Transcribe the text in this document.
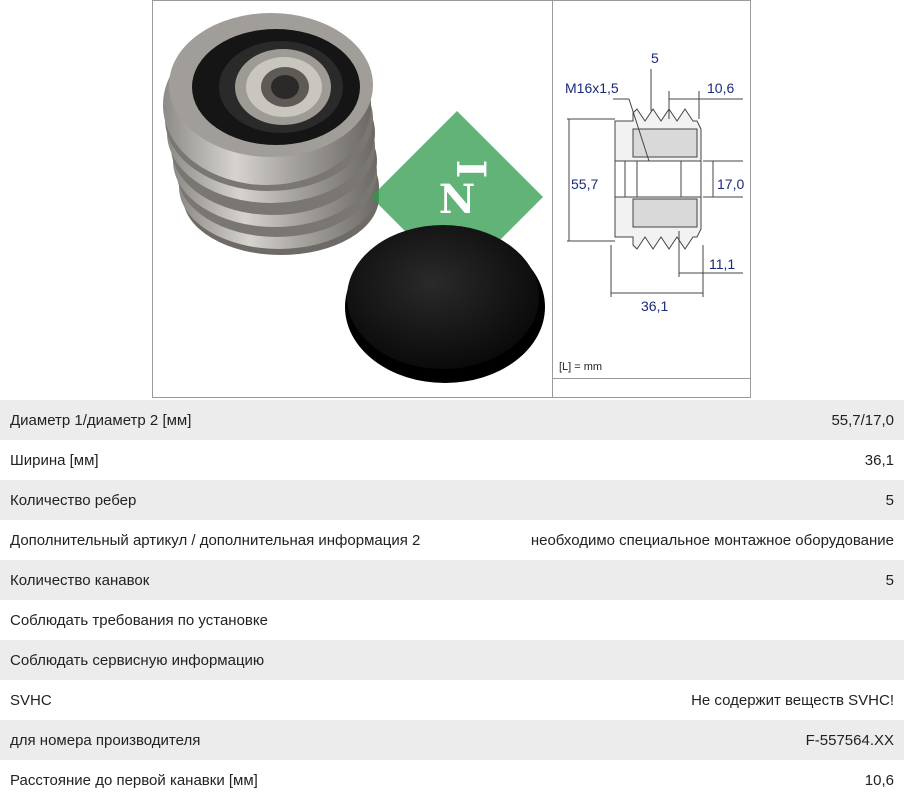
I
N
M16x1,5
5
10,6
55,7	17,0
11,1
36,1
[L] = mm
Диаметр 1/диаметр 2 [мм]	55,7/17,0
Ширина [мм]	36,1
Количество ребер	5
Дополнительный артикул / дополнительная информация 2	необходимо специальное монтажное оборудование
Количество канавок	5
Соблюдать требования по установке
Соблюдать сервисную информацию
SVHC	Не содержит веществ SVHC!
для номера производителя	F-557564.XX
Расстояние до первой канавки [мм]	10,6
